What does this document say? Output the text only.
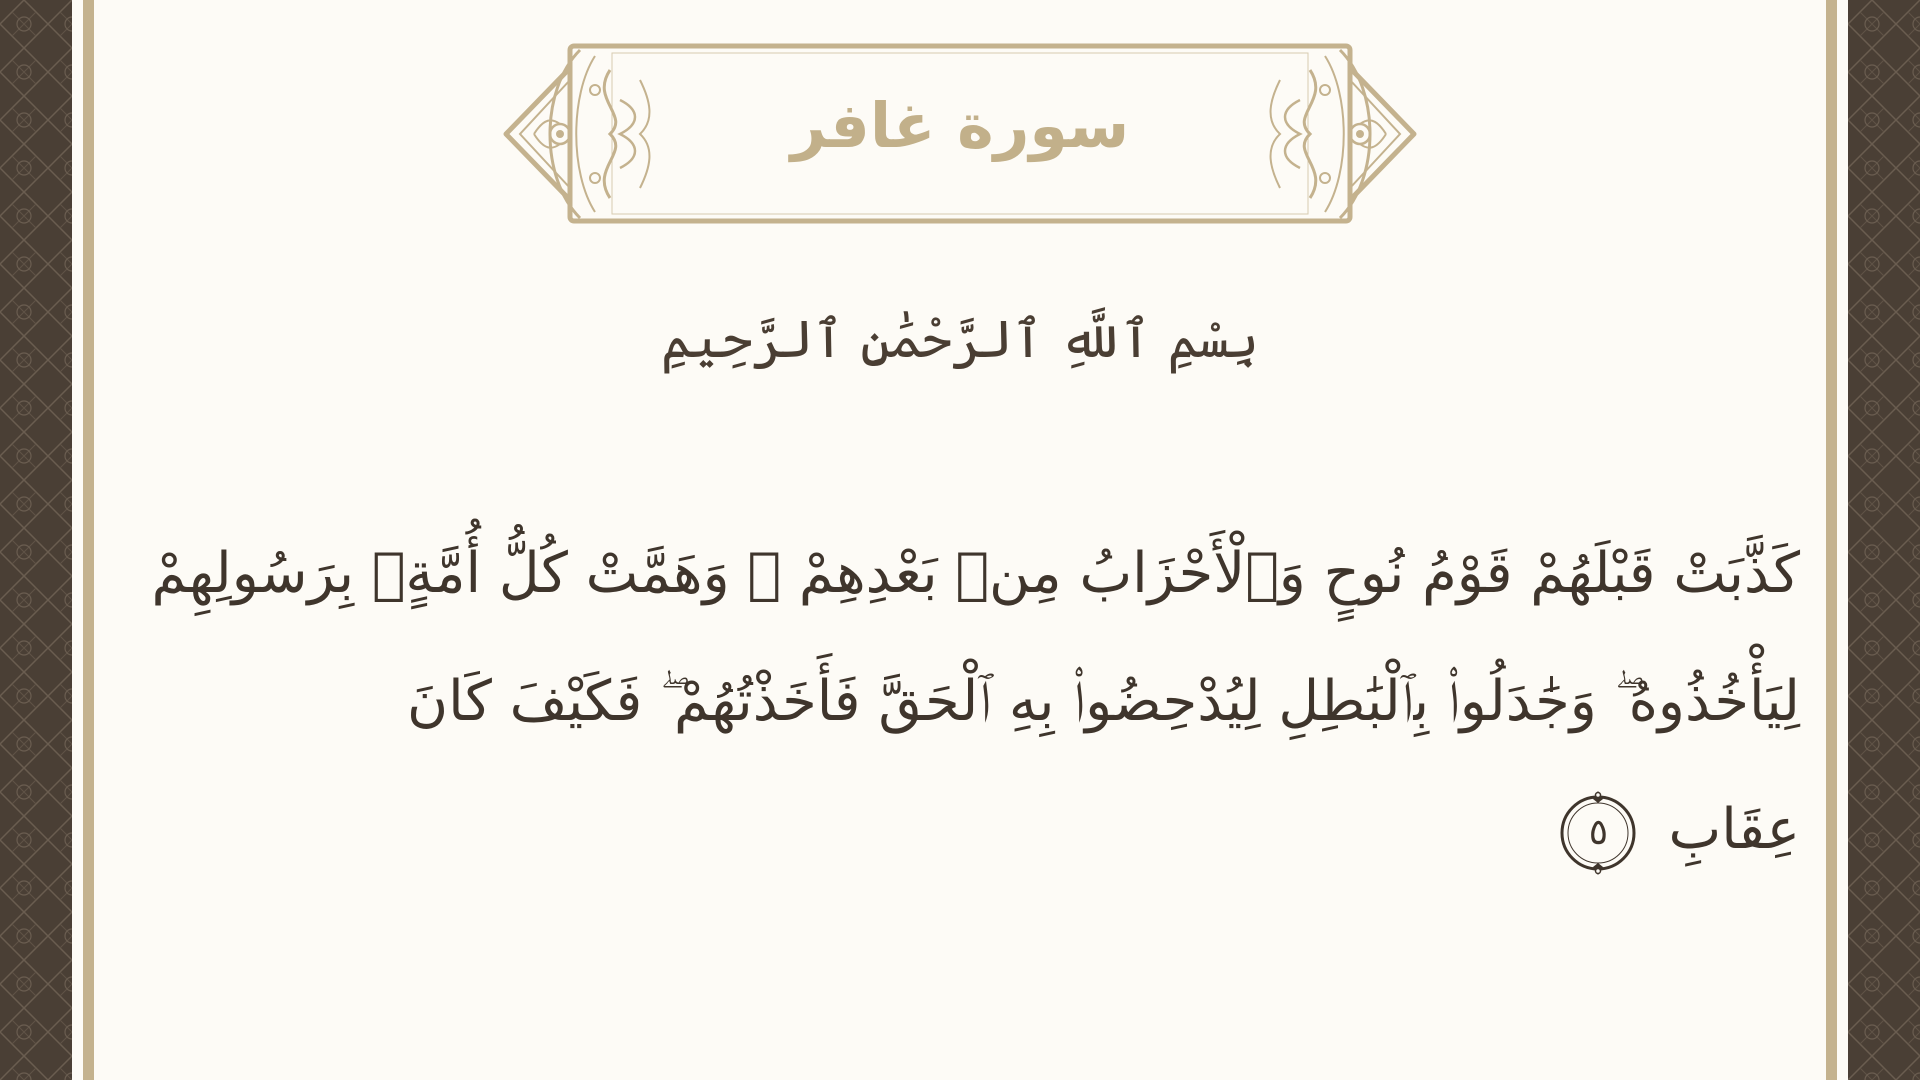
سورة غافر
بِسْمِ ٱللَّهِ ٱلرَّحْمَٰنِ ٱلرَّحِيمِ
كَذَّبَتْ قَبْلَهُمْ قَوْمُ نُوحٍ وَٱلْأَحْزَابُ مِنۢ بَعْدِهِمْ ۖ وَهَمَّتْ كُلُّ أُمَّةٍۭ بِرَسُولِهِمْ
لِيَأْخُذُوهُ ۖ وَجَٰدَلُوا۟ بِٱلْبَٰطِلِ لِيُدْحِضُوا۟ بِهِ ٱلْحَقَّ فَأَخَذْتُهُمْ ۖ فَكَيْفَ كَانَ
عِقَابِ
٥
